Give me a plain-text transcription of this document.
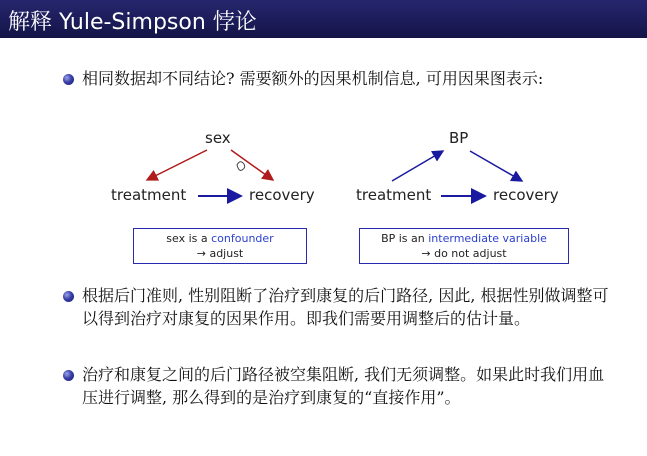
解释 Yule-Simpson 悖论
相同数据却不同结论? 需要额外的因果机制信息, 可用因果图表示:
sex
treatment	recovery
BP
treatment	recovery
sex is a confounder
→ adjust
BP is an intermediate variable
→ do not adjust
根据后门准则, 性别阻断了治疗到康复的后门路径, 因此, 根据性别做调整可以得到治疗对康复的因果作用。即我们需要用调整后的估计量。
治疗和康复之间的后门路径被空集阻断, 我们无须调整。如果此时我们用血压进行调整, 那么得到的是治疗到康复的“直接作用”。
